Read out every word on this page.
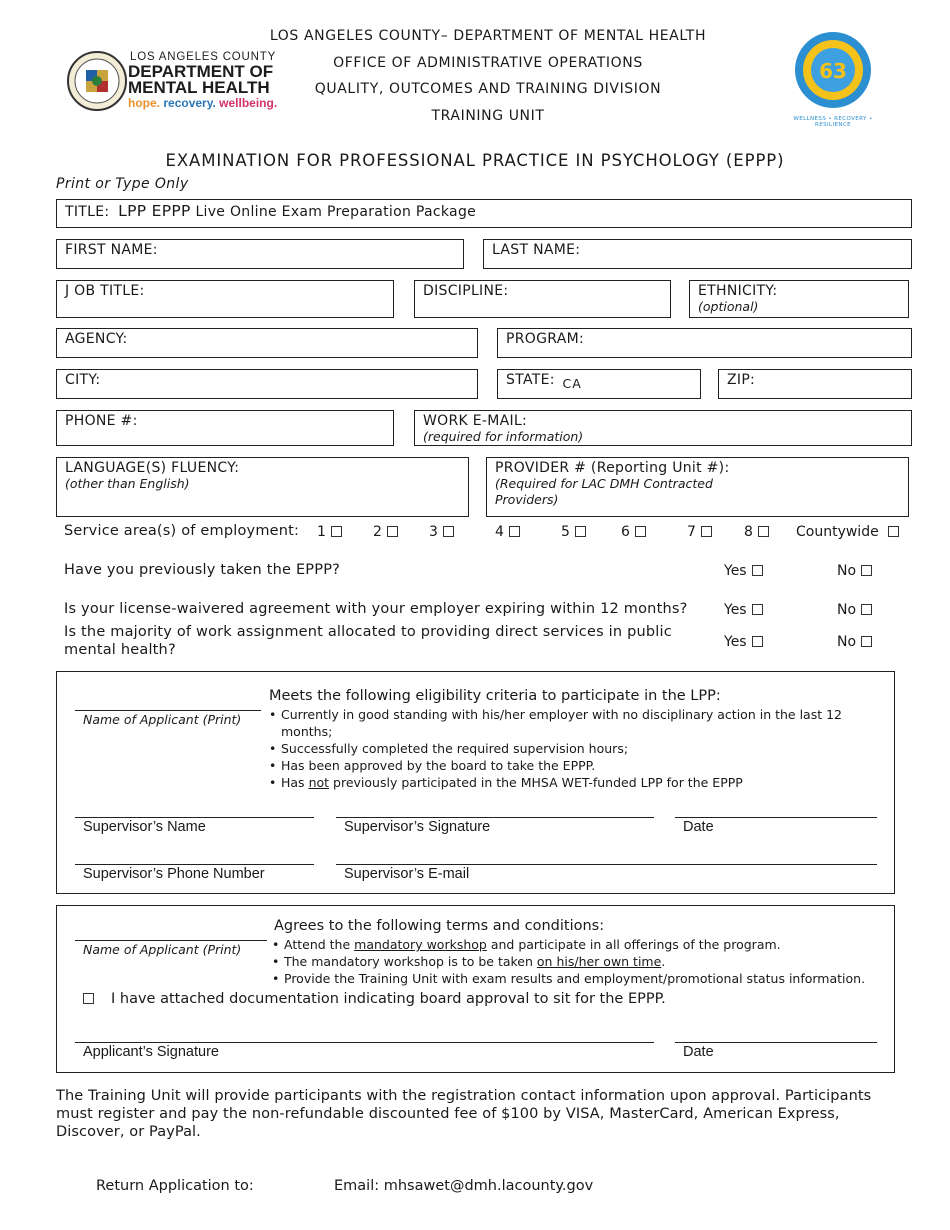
LOS ANGELES COUNTY
DEPARTMENT OF
MENTAL HEALTH
hope. recovery. wellbeing.
LOS ANGELES COUNTY– DEPARTMENT OF MENTAL HEALTH
OFFICE OF ADMINISTRATIVE OPERATIONS
QUALITY, OUTCOMES AND TRAINING DIVISION
TRAINING UNIT
63
WELLNESS • RECOVERY • RESILIENCE
EXAMINATION FOR PROFESSIONAL PRACTICE IN PSYCHOLOGY (EPPP)
Print or Type Only
TITLE: LPP EPPP Live Online Exam Preparation Package
FIRST NAME:	LAST NAME:
J OB TITLE:	DISCIPLINE:	ETHNICITY:
(optional)
AGENCY:	PROGRAM:
CITY:	STATE: CA	ZIP:
PHONE #:	WORK E-MAIL:
(required for information)
LANGUAGE(S) FLUENCY:
(other than English)
PROVIDER # (Reporting Unit #):
(Required for LAC DMH Contracted
Providers)
Service area(s) of employment: 1	2	3	4	5	6	7	8	Countywide
Have you previously taken the EPPP?	Yes	No
Is your license-waivered agreement with your employer expiring within 12 months?	Yes	No
Is the majority of work assignment allocated to providing direct services in public
mental health?	Yes	No
Name of Applicant (Print)
Meets the following eligibility criteria to participate in the LPP:
• Currently in good standing with his/her employer with no disciplinary action in the last 12
months;
• Successfully completed the required supervision hours;
• Has been approved by the board to take the EPPP.
• Has not previously participated in the MHSA WET-funded LPP for the EPPP
Supervisor’s Name	Supervisor’s Signature	Date
Supervisor’s Phone Number	Supervisor’s E-mail
Name of Applicant (Print)
Agrees to the following terms and conditions:
• Attend the mandatory workshop and participate in all offerings of the program.
• The mandatory workshop is to be taken on his/her own time.
• Provide the Training Unit with exam results and employment/promotional status information.
I have attached documentation indicating board approval to sit for the EPPP.
Applicant’s Signature	Date
The Training Unit will provide participants with the registration contact information upon approval. Participants
must register and pay the non-refundable discounted fee of $100 by VISA, MasterCard, American Express,
Discover, or PayPal.
Return Application to:	Email: mhsawet@dmh.lacounty.gov
